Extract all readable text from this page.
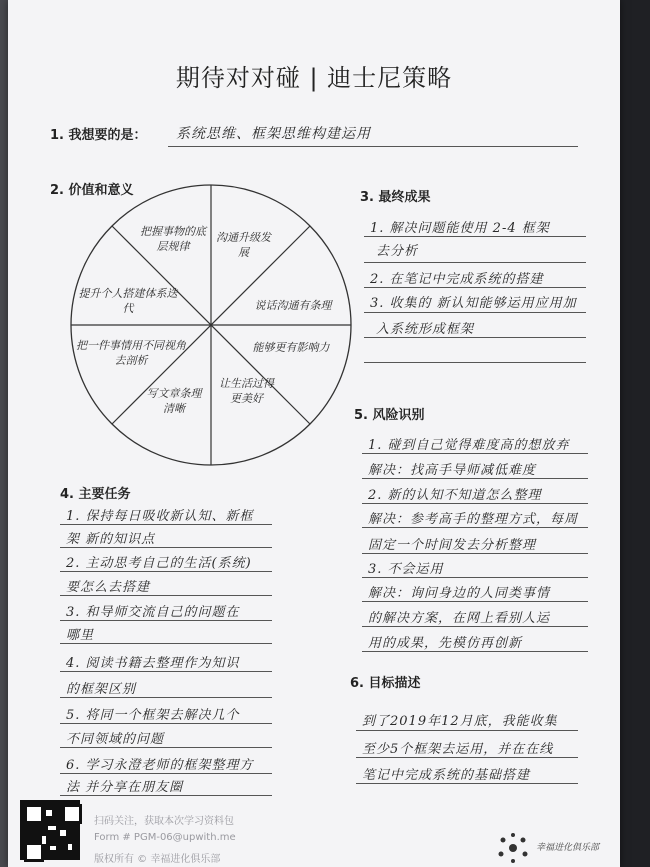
期待对对碰 | 迪士尼策略
1. 我想要的是： 系统思维、框架思维构建运用
2. 价值和意义
把握事物的底层规律
沟通升级发展
说话沟通有条理
能够更有影响力
让生活过得更美好
写文章条理清晰
把一件事情用不同视角去剖析
提升个人搭建体系迭代
3. 最终成果
1. 解决问题能使用 2-4 框架
去分析
2. 在笔记中完成系统的搭建
3. 收集的 新认知能够运用应用加
入系统形成框架
5. 风险识别
1. 碰到自己觉得难度高的想放弃
解决：找高手导师减低难度
2. 新的认知不知道怎么整理
解决：参考高手的整理方式，每周
固定一个时间发去分析整理
3. 不会运用
解决：询问身边的人同类事情
的解决方案，在网上看别人运
用的成果，先模仿再创新
4. 主要任务
1. 保持每日吸收新认知、新框
架 新的知识点
2. 主动思考自己的生活(系统)
要怎么去搭建
3. 和导师交流自己的问题在
哪里
4. 阅读书籍去整理作为知识
的框架区别
5. 将同一个框架去解决几个
不同领域的问题
6. 学习永澄老师的框架整理方
法 并分享在朋友圈
6. 目标描述
到了2019年12月底，我能收集
至少5个框架去运用，并在在线
笔记中完成系统的基础搭建
扫码关注，获取本次学习资料包
Form # PGM-06@upwith.me
版权所有 © 幸福进化俱乐部
幸福进化俱乐部
